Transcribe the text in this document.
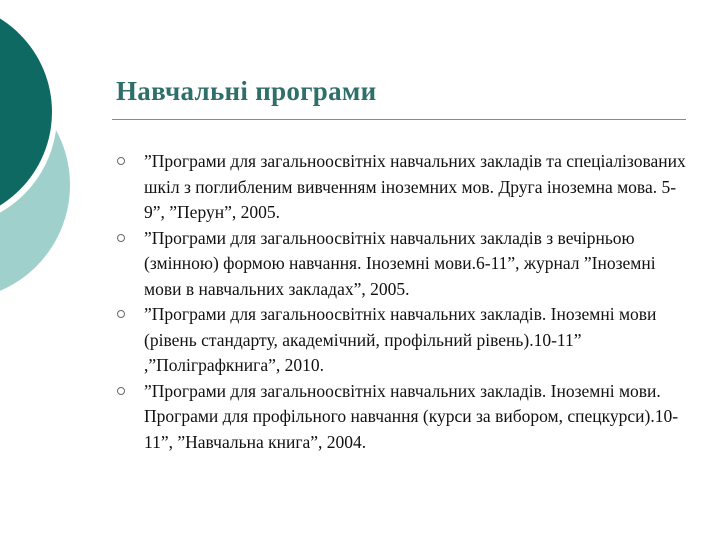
Навчальні програми
”Програми для загальноосвітніх навчальних закладів та спеціалізованих шкіл з поглибленим вивченням іноземних мов. Друга іноземна мова. 5-9”, ”Перун”, 2005.
”Програми для загальноосвітніх навчальних закладів з вечірньою (змінною) формою навчання. Іноземні мови.6-11”, журнал ”Іноземні мови в навчальних закладах”, 2005.
”Програми для загальноосвітніх навчальних закладів. Іноземні мови (рівень стандарту, академічний, профільний рівень).10-11” ,”Поліграфкнига”, 2010.
”Програми для загальноосвітніх навчальних закладів. Іноземні мови. Програми для профільного навчання (курси за вибором, спецкурси).10-11”, ”Навчальна книга”, 2004.
